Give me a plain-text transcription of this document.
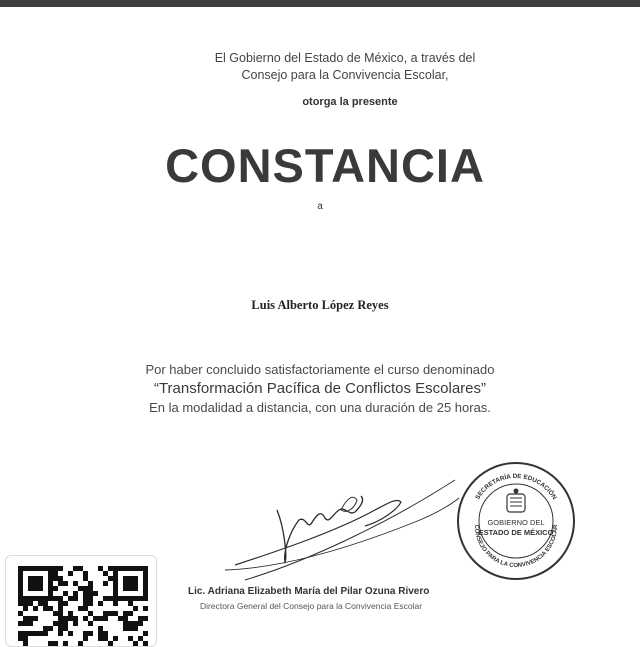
El Gobierno del Estado de México, a través del
Consejo para la Convivencia Escolar,
otorga la presente
CONSTANCIA
a
Luis Alberto López Reyes
Por haber concluido satisfactoriamente el curso denominado
“Transformación Pacífica de Conflictos Escolares”
En la modalidad a distancia, con una duración de 25 horas.
Lic. Adriana Elizabeth María del Pilar Ozuna Rivero
Directora General del Consejo para la Convivencia Escolar
SECRETARÍA DE EDUCACIÓN
CONSEJO PARA LA CONVIVENCIA ESCOLAR
GOBIERNO DEL
ESTADO DE MÉXICO
